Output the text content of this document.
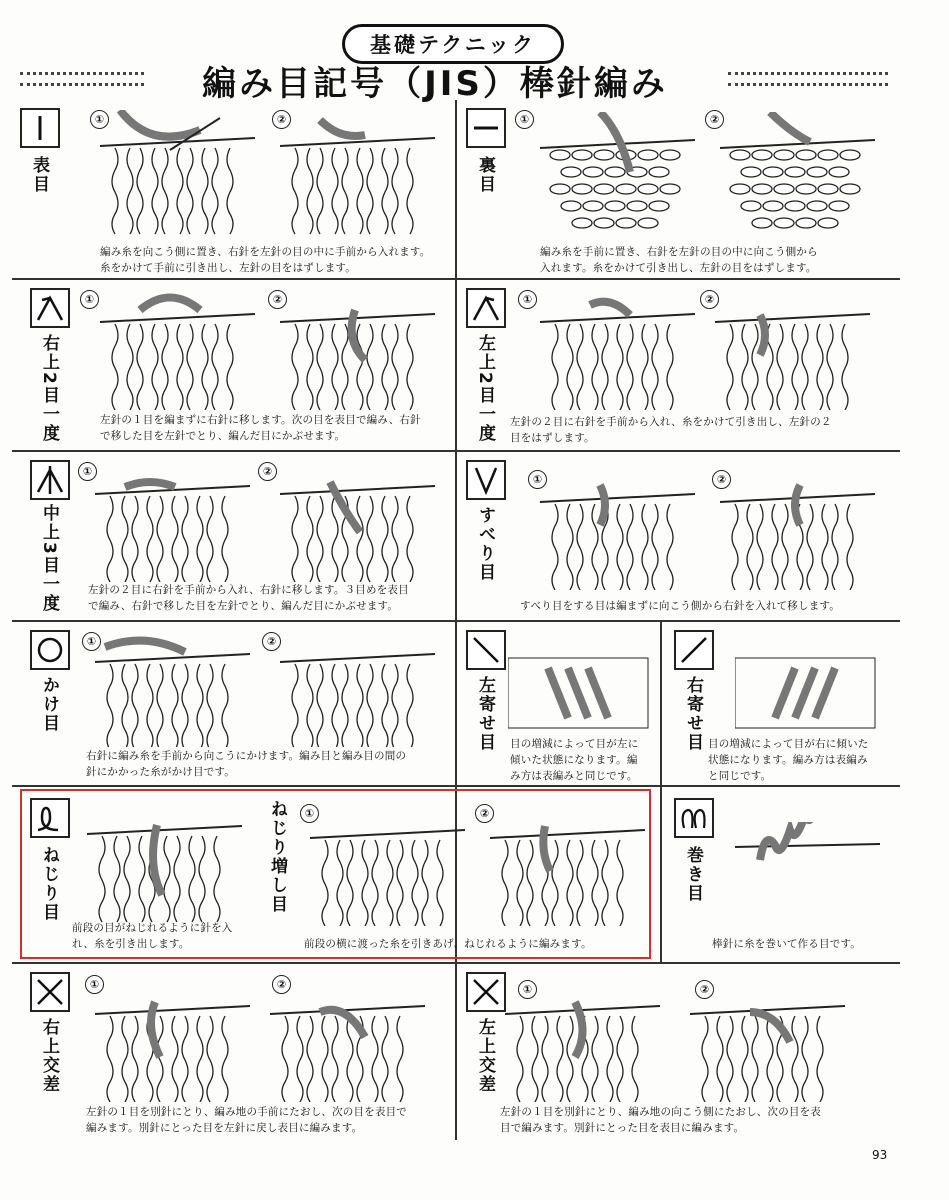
基礎テクニック
編み目記号（JIS）棒針編み
表目
①	②
編み糸を向こう側に置き、右針を左針の目の中に手前から入れます。
糸をかけて手前に引き出し、左針の目をはずします。
裏目
①	②
編み糸を手前に置き、右針を左針の目の中に向こう側から
入れます。糸をかけて引き出し、左針の目をはずします。
右上2目一度
①	②
左針の１目を編まずに右針に移します。次の目を表目で編み、右針
で移した目を左針でとり、編んだ目にかぶせます。	左上2目一度
①	②
左針の２目に右針を手前から入れ、糸をかけて引き出し、左針の２
目をはずします。
中上3目一度
①	②
左針の２目に右針を手前から入れ、右針に移します。３目めを表目
で編み、右針で移した目を左針でとり、編んだ目にかぶせます。
すべり目
①	②
すべり目をする目は編まずに向こう側から右針を入れて移します。
かけ目
①	②
右針に編み糸を手前から向こうにかけます。編み目と編み目の間の
針にかかった糸がかけ目です。
左寄せ目 目の増減によって目が左に
傾いた状態になります。編
み方は表編みと同じです。
右寄せ目 目の増減によって目が右に傾いた
状態になります。編み方は表編み
と同じです。
ねじり目
前段の目がねじれるように針を入
れ、糸を引き出します。
ねじり増し目	①	②
前段の横に渡った糸を引きあげ、ねじれるように編みます。
巻き目
棒針に糸を巻いて作る目です。
右上交差
①	②
左針の１目を別針にとり、編み地の手前にたおし、次の目を表目で
編みます。別針にとった目を左針に戻し表目に編みます。
左上交差
①	②
左針の１目を別針にとり、編み地の向こう側にたおし、次の目を表
目で編みます。別針にとった目を表目に編みます。
93
